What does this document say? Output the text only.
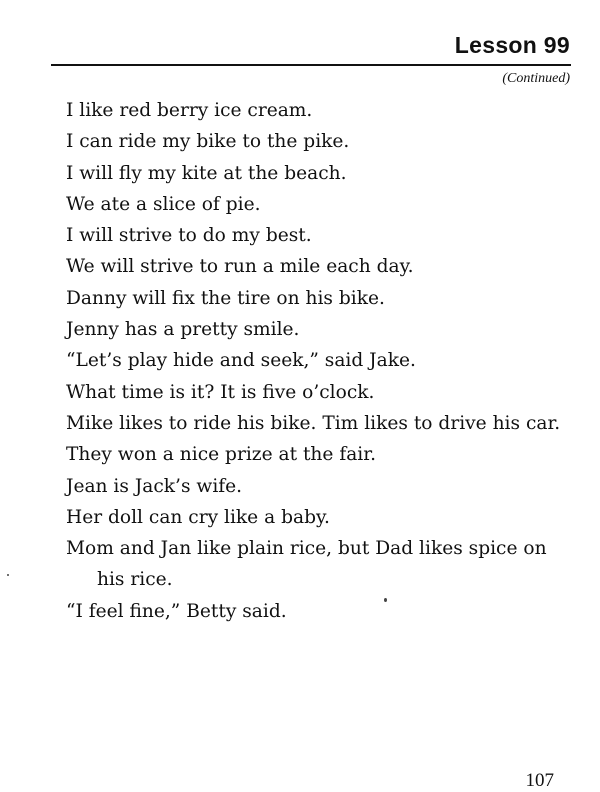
Lesson 99
(Continued)
I like red berry ice cream.
I can ride my bike to the pike.
I will fly my kite at the beach.
We ate a slice of pie.
I will strive to do my best.
We will strive to run a mile each day.
Danny will fix the tire on his bike.
Jenny has a pretty smile.
“Let’s play hide and seek,” said Jake.
What time is it? It is five o’clock.
Mike likes to ride his bike. Tim likes to drive his car.
They won a nice prize at the fair.
Jean is Jack’s wife.
Her doll can cry like a baby.
Mom and Jan like plain rice, but Dad likes spice on his rice.
“I feel fine,” Betty said.
107
